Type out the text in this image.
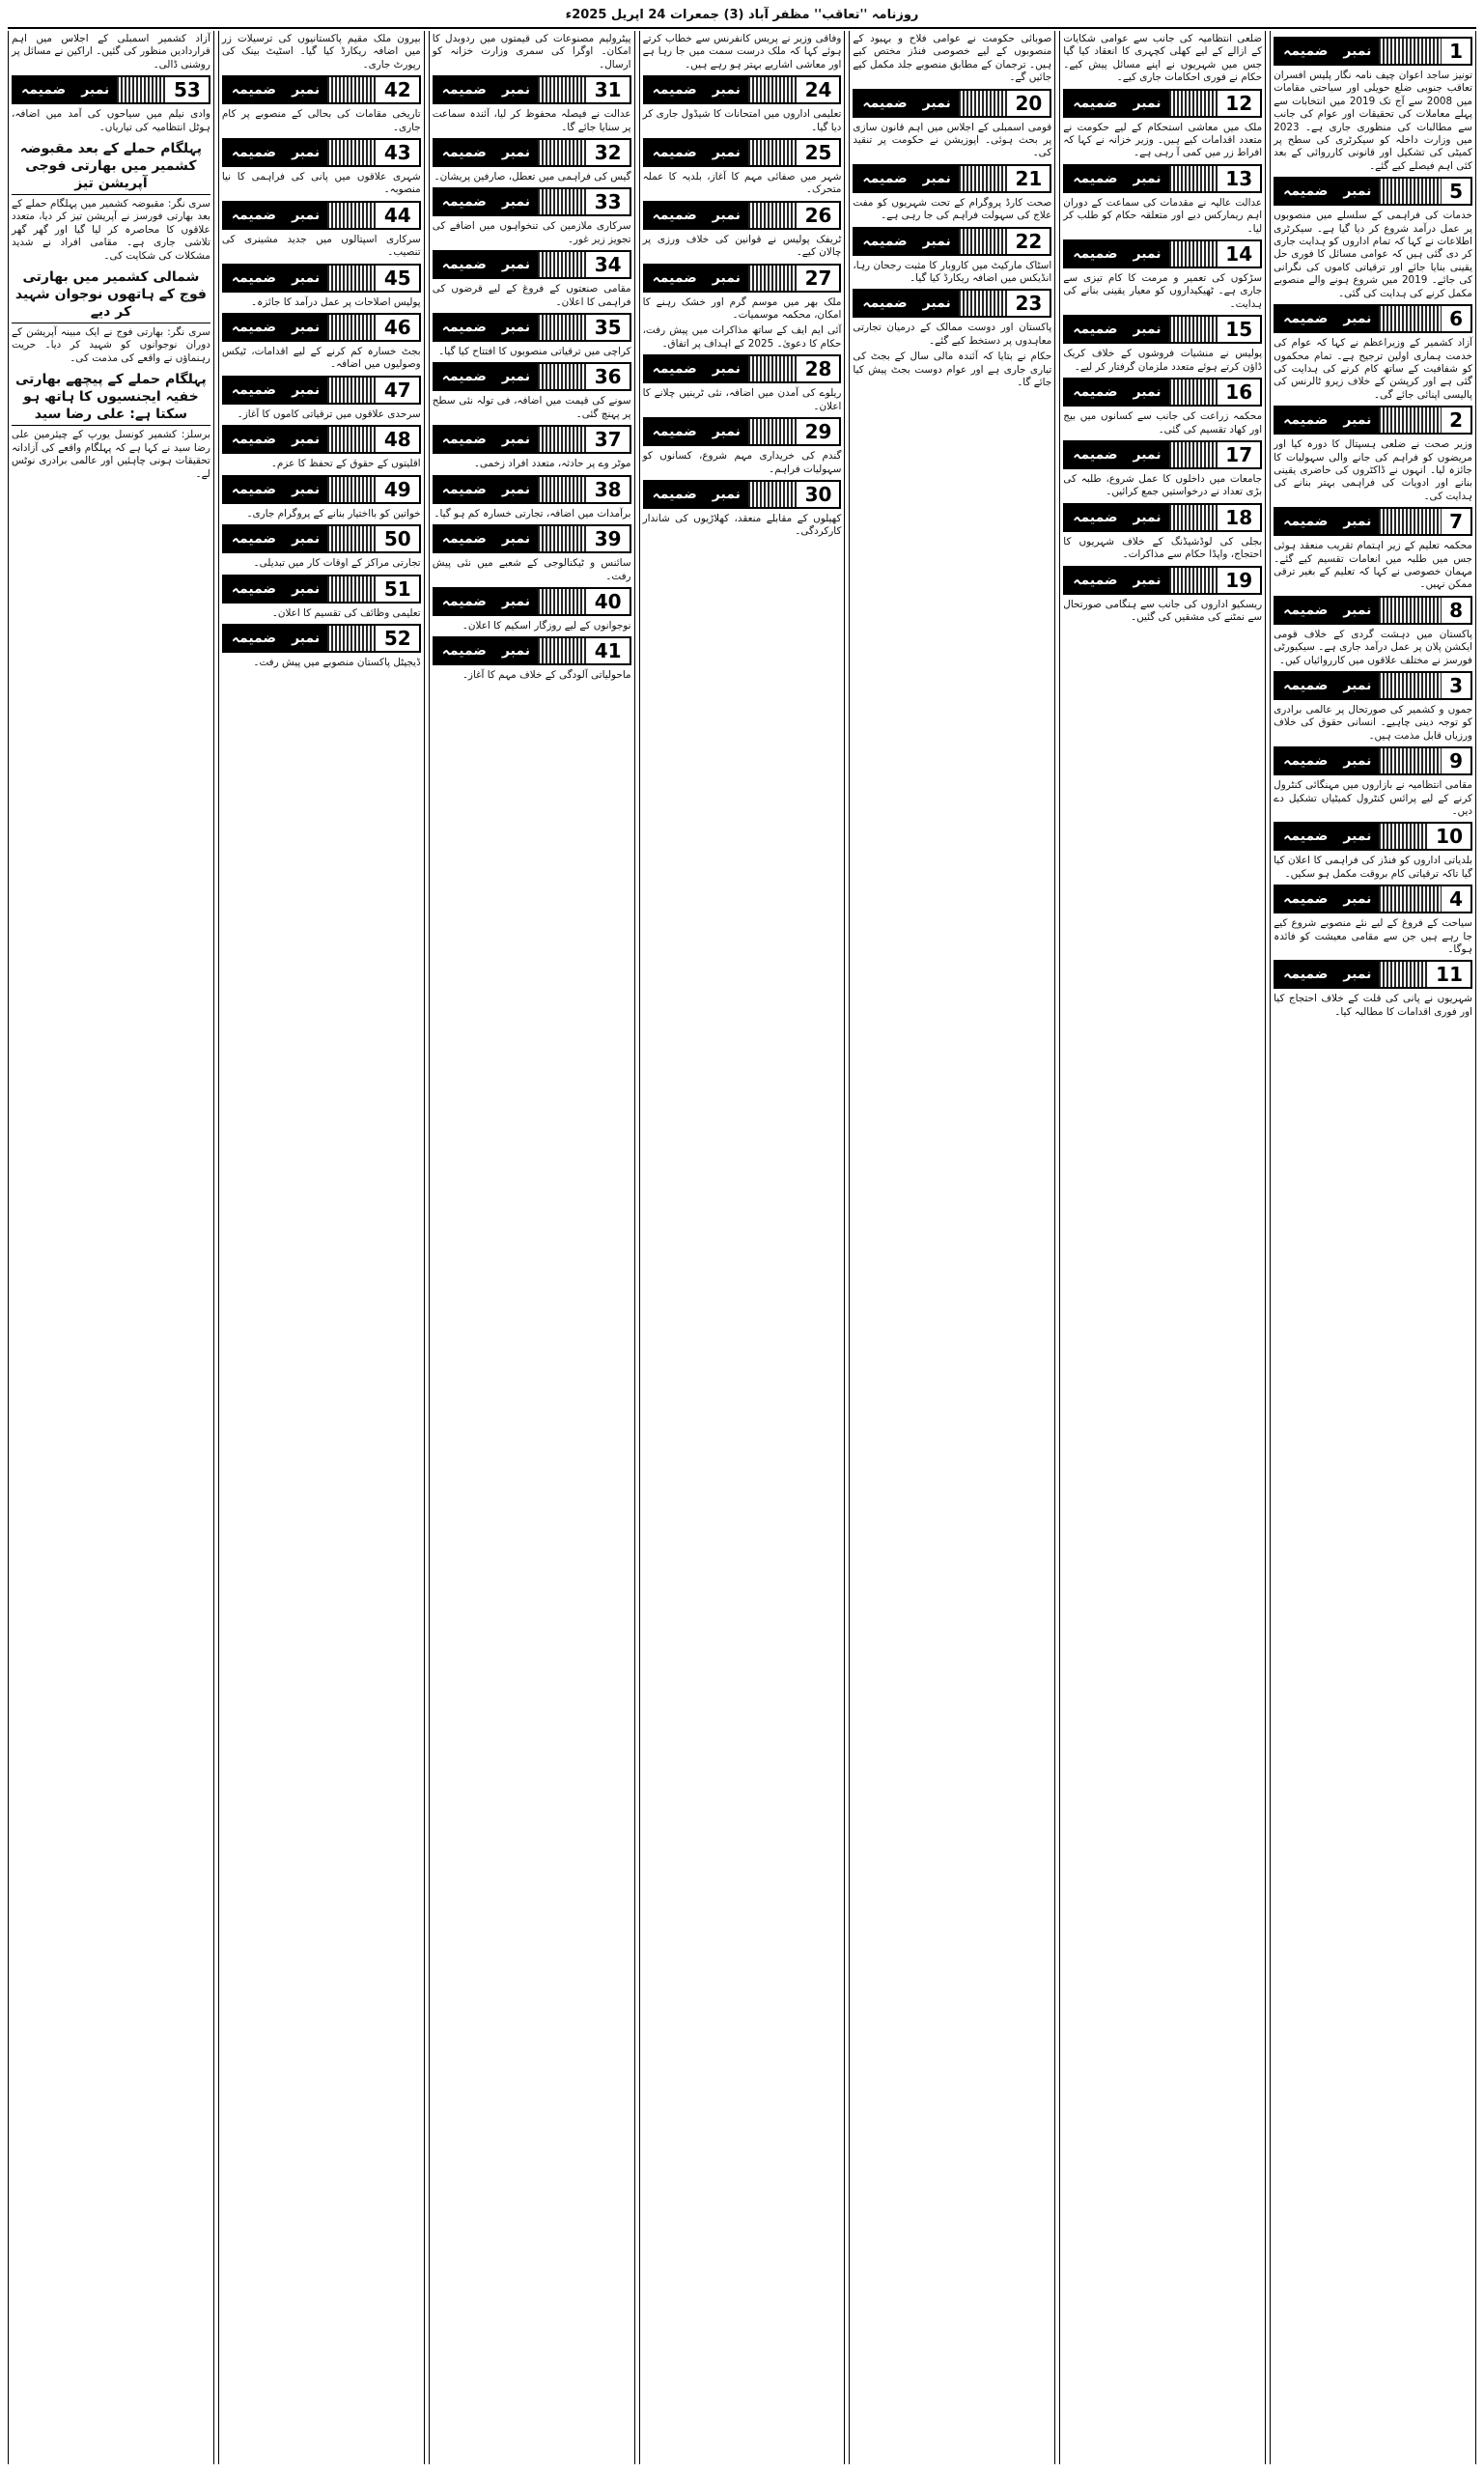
روزنامہ ''تعاقب'' مظفر آباد (3) جمعرات 24 اپریل 2025ء
ضمیمہ	نمبر	1

تونیز ساجد اعوان چیف نامہ نگار پلیس افسران تعاقب جنوبی ضلع حویلی اور سیاحتی مقامات میں 2008 سے آج تک 2019 میں انتخابات سے پہلے معاملات کی تحقیقات اور عوام کی جانب سے مطالبات کی منظوری جاری ہے۔ 2023 میں وزارت داخلہ کو سیکرٹری کی سطح پر کمیٹی کی تشکیل اور قانونی کارروائی کے بعد کئی اہم فیصلے کیے گئے۔

ضمیمہ	نمبر	5

خدمات کی فراہمی کے سلسلے میں منصوبوں پر عمل درآمد شروع کر دیا گیا ہے۔ سیکرٹری اطلاعات نے کہا کہ تمام اداروں کو ہدایت جاری کر دی گئی ہیں کہ عوامی مسائل کا فوری حل یقینی بنایا جائے اور ترقیاتی کاموں کی نگرانی کی جائے۔ 2019 میں شروع ہونے والے منصوبے مکمل کرنے کی ہدایت کی گئی۔

ضمیمہ	نمبر	6

آزاد کشمیر کے وزیراعظم نے کہا کہ عوام کی خدمت ہماری اولین ترجیح ہے۔ تمام محکموں کو شفافیت کے ساتھ کام کرنے کی ہدایت کی گئی ہے اور کرپشن کے خلاف زیرو ٹالرنس کی پالیسی اپنائی جائے گی۔

ضمیمہ	نمبر	2

وزیر صحت نے ضلعی ہسپتال کا دورہ کیا اور مریضوں کو فراہم کی جانے والی سہولیات کا جائزہ لیا۔ انہوں نے ڈاکٹروں کی حاضری یقینی بنانے اور ادویات کی فراہمی بہتر بنانے کی ہدایت کی۔

ضمیمہ	نمبر	7

محکمہ تعلیم کے زیر اہتمام تقریب منعقد ہوئی جس میں طلبہ میں انعامات تقسیم کیے گئے۔ مہمان خصوصی نے کہا کہ تعلیم کے بغیر ترقی ممکن نہیں۔

ضمیمہ	نمبر	8

پاکستان میں دہشت گردی کے خلاف قومی ایکشن پلان پر عمل درآمد جاری ہے۔ سیکیورٹی فورسز نے مختلف علاقوں میں کارروائیاں کیں۔

ضمیمہ	نمبر	3

جموں و کشمیر کی صورتحال پر عالمی برادری کو توجہ دینی چاہیے۔ انسانی حقوق کی خلاف ورزیاں قابل مذمت ہیں۔

ضمیمہ	نمبر	9

مقامی انتظامیہ نے بازاروں میں مہنگائی کنٹرول کرنے کے لیے پرائس کنٹرول کمیٹیاں تشکیل دے دیں۔

ضمیمہ	نمبر	10

بلدیاتی اداروں کو فنڈز کی فراہمی کا اعلان کیا گیا تاکہ ترقیاتی کام بروقت مکمل ہو سکیں۔

ضمیمہ	نمبر	4

سیاحت کے فروغ کے لیے نئے منصوبے شروع کیے جا رہے ہیں جن سے مقامی معیشت کو فائدہ ہوگا۔

ضمیمہ	نمبر	11

شہریوں نے پانی کی قلت کے خلاف احتجاج کیا اور فوری اقدامات کا مطالبہ کیا۔

ضلعی انتظامیہ کی جانب سے عوامی شکایات کے ازالے کے لیے کھلی کچہری کا انعقاد کیا گیا جس میں شہریوں نے اپنے مسائل پیش کیے۔ حکام نے فوری احکامات جاری کیے۔

ضمیمہ	نمبر	12

ملک میں معاشی استحکام کے لیے حکومت نے متعدد اقدامات کیے ہیں۔ وزیر خزانہ نے کہا کہ افراط زر میں کمی آ رہی ہے۔

ضمیمہ	نمبر	13

عدالت عالیہ نے مقدمات کی سماعت کے دوران اہم ریمارکس دیے اور متعلقہ حکام کو طلب کر لیا۔

ضمیمہ	نمبر	14

سڑکوں کی تعمیر و مرمت کا کام تیزی سے جاری ہے۔ ٹھیکیداروں کو معیار یقینی بنانے کی ہدایت۔

ضمیمہ	نمبر	15

پولیس نے منشیات فروشوں کے خلاف کریک ڈاؤن کرتے ہوئے متعدد ملزمان گرفتار کر لیے۔

ضمیمہ	نمبر	16

محکمہ زراعت کی جانب سے کسانوں میں بیج اور کھاد تقسیم کی گئی۔

ضمیمہ	نمبر	17

جامعات میں داخلوں کا عمل شروع، طلبہ کی بڑی تعداد نے درخواستیں جمع کرائیں۔

ضمیمہ	نمبر	18

بجلی کی لوڈشیڈنگ کے خلاف شہریوں کا احتجاج، واپڈا حکام سے مذاکرات۔

ضمیمہ	نمبر	19

ریسکیو اداروں کی جانب سے ہنگامی صورتحال سے نمٹنے کی مشقیں کی گئیں۔

صوبائی حکومت نے عوامی فلاح و بہبود کے منصوبوں کے لیے خصوصی فنڈز مختص کیے ہیں۔ ترجمان کے مطابق منصوبے جلد مکمل کیے جائیں گے۔

ضمیمہ	نمبر	20

قومی اسمبلی کے اجلاس میں اہم قانون سازی پر بحث ہوئی۔ اپوزیشن نے حکومت پر تنقید کی۔

ضمیمہ	نمبر	21

صحت کارڈ پروگرام کے تحت شہریوں کو مفت علاج کی سہولت فراہم کی جا رہی ہے۔

ضمیمہ	نمبر	22

اسٹاک مارکیٹ میں کاروبار کا مثبت رجحان رہا، انڈیکس میں اضافہ ریکارڈ کیا گیا۔

ضمیمہ	نمبر	23

پاکستان اور دوست ممالک کے درمیان تجارتی معاہدوں پر دستخط کیے گئے۔

حکام نے بتایا کہ آئندہ مالی سال کے بجٹ کی تیاری جاری ہے اور عوام دوست بجٹ پیش کیا جائے گا۔

وفاقی وزیر نے پریس کانفرنس سے خطاب کرتے ہوئے کہا کہ ملک درست سمت میں جا رہا ہے اور معاشی اشاریے بہتر ہو رہے ہیں۔

ضمیمہ	نمبر	24

تعلیمی اداروں میں امتحانات کا شیڈول جاری کر دیا گیا۔

ضمیمہ	نمبر	25

شہر میں صفائی مہم کا آغاز، بلدیہ کا عملہ متحرک۔

ضمیمہ	نمبر	26

ٹریفک پولیس نے قوانین کی خلاف ورزی پر چالان کیے۔

ضمیمہ	نمبر	27

ملک بھر میں موسم گرم اور خشک رہنے کا امکان، محکمہ موسمیات۔

آئی ایم ایف کے ساتھ مذاکرات میں پیش رفت، حکام کا دعویٰ۔ 2025 کے اہداف پر اتفاق۔

ضمیمہ	نمبر	28

ریلوے کی آمدن میں اضافہ، نئی ٹرینیں چلانے کا اعلان۔

ضمیمہ	نمبر	29

گندم کی خریداری مہم شروع، کسانوں کو سہولیات فراہم۔

ضمیمہ	نمبر	30

کھیلوں کے مقابلے منعقد، کھلاڑیوں کی شاندار کارکردگی۔

پیٹرولیم مصنوعات کی قیمتوں میں ردوبدل کا امکان۔ اوگرا کی سمری وزارت خزانہ کو ارسال۔

ضمیمہ	نمبر	31

عدالت نے فیصلہ محفوظ کر لیا، آئندہ سماعت پر سنایا جائے گا۔

ضمیمہ	نمبر	32

گیس کی فراہمی میں تعطل، صارفین پریشان۔

ضمیمہ	نمبر	33

سرکاری ملازمین کی تنخواہوں میں اضافے کی تجویز زیر غور۔

ضمیمہ	نمبر	34

مقامی صنعتوں کے فروغ کے لیے قرضوں کی فراہمی کا اعلان۔

ضمیمہ	نمبر	35

کراچی میں ترقیاتی منصوبوں کا افتتاح کیا گیا۔

ضمیمہ	نمبر	36

سونے کی قیمت میں اضافہ، فی تولہ نئی سطح پر پہنچ گئی۔

ضمیمہ	نمبر	37

موٹر وے پر حادثہ، متعدد افراد زخمی۔

ضمیمہ	نمبر	38

برآمدات میں اضافہ، تجارتی خسارہ کم ہو گیا۔

ضمیمہ	نمبر	39

سائنس و ٹیکنالوجی کے شعبے میں نئی پیش رفت۔

ضمیمہ	نمبر	40

نوجوانوں کے لیے روزگار اسکیم کا اعلان۔

ضمیمہ	نمبر	41

ماحولیاتی آلودگی کے خلاف مہم کا آغاز۔

بیرون ملک مقیم پاکستانیوں کی ترسیلات زر میں اضافہ ریکارڈ کیا گیا۔ اسٹیٹ بینک کی رپورٹ جاری۔

ضمیمہ	نمبر	42

تاریخی مقامات کی بحالی کے منصوبے پر کام جاری۔

ضمیمہ	نمبر	43

شہری علاقوں میں پانی کی فراہمی کا نیا منصوبہ۔

ضمیمہ	نمبر	44

سرکاری اسپتالوں میں جدید مشینری کی تنصیب۔

ضمیمہ	نمبر	45

پولیس اصلاحات پر عمل درآمد کا جائزہ۔

ضمیمہ	نمبر	46

بجٹ خسارہ کم کرنے کے لیے اقدامات، ٹیکس وصولیوں میں اضافہ۔

ضمیمہ	نمبر	47

سرحدی علاقوں میں ترقیاتی کاموں کا آغاز۔

ضمیمہ	نمبر	48

اقلیتوں کے حقوق کے تحفظ کا عزم۔

ضمیمہ	نمبر	49

خواتین کو بااختیار بنانے کے پروگرام جاری۔

ضمیمہ	نمبر	50

تجارتی مراکز کے اوقات کار میں تبدیلی۔

ضمیمہ	نمبر	51

تعلیمی وظائف کی تقسیم کا اعلان۔

ضمیمہ	نمبر	52

ڈیجیٹل پاکستان منصوبے میں پیش رفت۔

آزاد کشمیر اسمبلی کے اجلاس میں اہم قراردادیں منظور کی گئیں۔ اراکین نے مسائل پر روشنی ڈالی۔

ضمیمہ	نمبر	53

وادی نیلم میں سیاحوں کی آمد میں اضافہ، ہوٹل انتظامیہ کی تیاریاں۔

پہلگام حملے کے بعد مقبوضہ کشمیر میں بھارتی فوجی آپریشن تیز

سری نگر: مقبوضہ کشمیر میں پہلگام حملے کے بعد بھارتی فورسز نے آپریشن تیز کر دیا، متعدد علاقوں کا محاصرہ کر لیا گیا اور گھر گھر تلاشی جاری ہے۔ مقامی افراد نے شدید مشکلات کی شکایت کی۔

شمالی کشمیر میں بھارتی فوج کے ہاتھوں نوجوان شہید کر دیے

سری نگر: بھارتی فوج نے ایک مبینہ آپریشن کے دوران نوجوانوں کو شہید کر دیا۔ حریت رہنماؤں نے واقعے کی مذمت کی۔

پہلگام حملے کے پیچھے بھارتی خفیہ ایجنسیوں کا ہاتھ ہو سکتا ہے: علی رضا سید

برسلز: کشمیر کونسل یورپ کے چیئرمین علی رضا سید نے کہا ہے کہ پہلگام واقعے کی آزادانہ تحقیقات ہونی چاہئیں اور عالمی برادری نوٹس لے۔
